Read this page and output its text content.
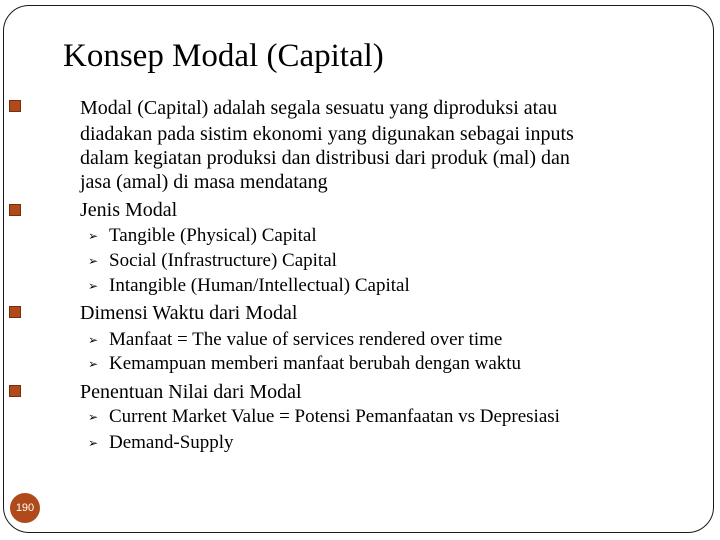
Konsep Modal (Capital)
Modal (Capital) adalah segala sesuatu yang diproduksi atau
diadakan pada sistim ekonomi yang digunakan sebagai inputs
dalam kegiatan produksi dan distribusi dari produk (mal) dan
jasa (amal) di masa mendatang
Jenis Modal
➢ Tangible (Physical) Capital
➢ Social (Infrastructure) Capital
➢ Intangible (Human/Intellectual) Capital
Dimensi Waktu dari Modal
➢ Manfaat = The value of services rendered over time
➢ Kemampuan memberi manfaat berubah dengan waktu
Penentuan Nilai dari Modal
➢ Current Market Value = Potensi Pemanfaatan vs Depresiasi
➢ Demand-Supply
190
